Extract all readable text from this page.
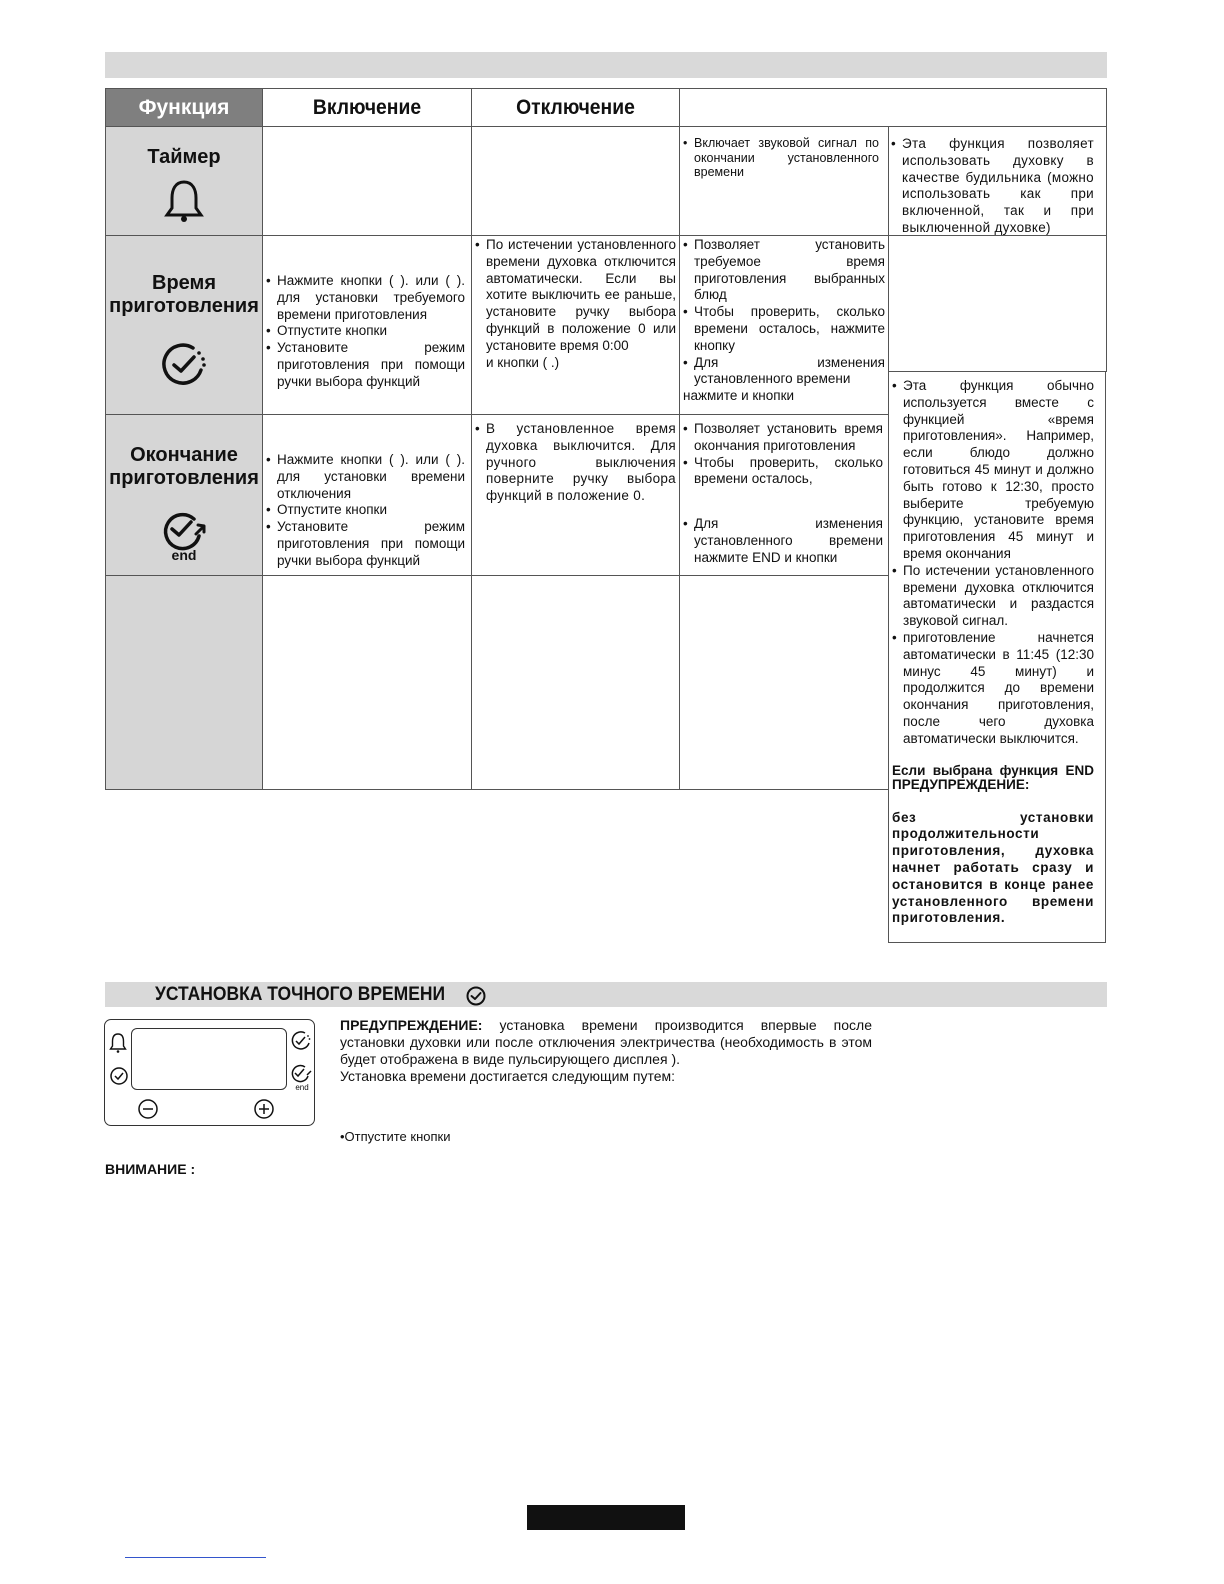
Функция	Включение	Отключение
Таймер
• Включает звуковой сигнал по окончании установленного времени
• Эта функция позволяет использовать духовку в качестве будильника (можно использовать как при включенной, так и при выключенной духовке)
Время
приготовления
• Нажмите кнопки ( ). или ( ). для установки требуемого времени приготовления
• Отпустите кнопки
• Установите режим приготовления при помощи ручки выбора функций
• По истечении установленного времени духовка отключится автоматически. Если вы хотите выключить ее раньше, установите ручку выбора функций в положение 0 или установите время 0:00

и кнопки ( .)

• Позволяет установить требуемое время приготовления выбранных блюд
• Чтобы проверить, сколько времени осталось, нажмите кнопку
• Для изменения установленного времени

нажмите и кнопки

Окончание
приготовления
end
• Нажмите кнопки ( ). или ( ). для установки времени отключения
• Отпустите кнопки
• Установите режим приготовления при помощи ручки выбора функций
• В установленное время духовка выключится. Для ручного выключения поверните ручку выбора функций в положение 0.
• Позволяет установить время окончания приготовления
• Чтобы проверить, сколько времени осталось,
• Для изменения установленного времени нажмите END и кнопки
• Эта функция обычно используется вместе с функцией «время приготовления». Например, если блюдо должно готовиться 45 минут и должно быть готово к 12:30, просто выберите требуемую функцию, установите время приготовления 45 минут и время окончания
• По истечении установленного времени духовка отключится автоматически и раздастся звуковой сигнал.
• приготовление начнется автоматически в 11:45 (12:30 минус 45 минут) и продолжится до времени окончания приготовления, после чего духовка автоматически выключится.

Если выбрана функция END ПРЕДУПРЕЖДЕНИЕ:

без установки продолжительности приготовления, духовка начнет работать сразу и остановится в конце ранее установленного времени приготовления.

УСТАНОВКА ТОЧНОГО ВРЕМЕНИ
end
ПРЕДУПРЕЖДЕНИЕ: установка времени производится впервые после установки духовки или после отключения электричества (необходимость в этом будет отображена в виде пульсирующего дисплея ).
Установка времени достигается следующим путем:
•Отпустите кнопки
ВНИМАНИЕ :
